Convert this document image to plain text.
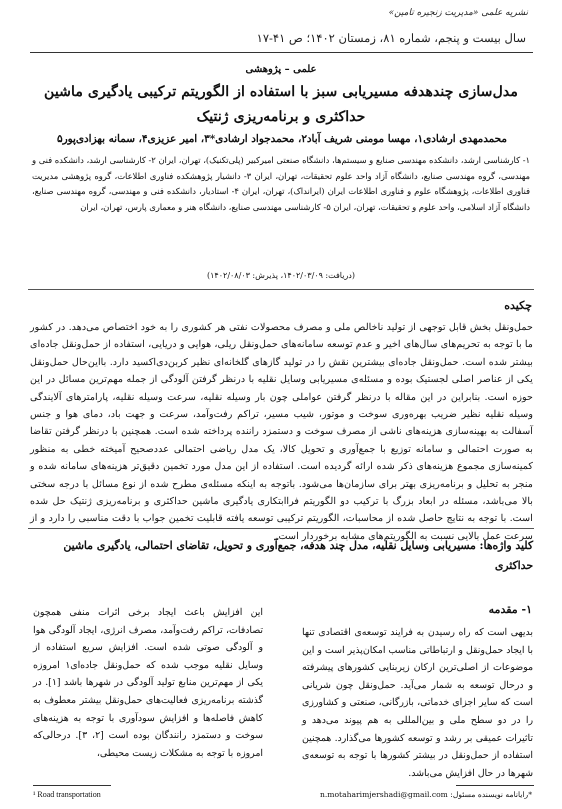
نشریه علمی «مدیریت زنجیره تامین»
سال بیست و پنجم، شماره ۸۱، زمستان ۱۴۰۲؛ ص ۴۱-۱۷
علمی – پژوهشی
مدل‌سازی چندهدفه مسیریابی سبز با استفاده از الگوریتم ترکیبی یادگیری ماشین حداکثری و برنامه‌ریزی ژنتیک
محمدمهدی ارشادی۱، مهسا مومنی شریف آباد۲، محمدجواد ارشادی*۳، امیر عزیزی۴، سمانه بهزادی‌پور۵
۱- کارشناسی ارشد، دانشکده مهندسی صنایع و سیستم‌ها، دانشگاه صنعتی امیرکبیر (پلی‌تکنیک)، تهران، ایران ۲- کارشناسی ارشد، دانشکده فنی و مهندسی، گروه مهندسی صنایع، دانشگاه آزاد واحد علوم تحقیقات، تهران، ایران ۳- دانشیار پژوهشکده فناوری اطلاعات، گروه پژوهشی مدیریت فناوری اطلاعات، پژوهشگاه علوم و فناوری اطلاعات ایران (ایرانداک)، تهران، ایران ۴- استادیار، دانشکده فنی و مهندسی، گروه مهندسی صنایع، دانشگاه آزاد اسلامی، واحد علوم و تحقیقات، تهران، ایران ۵- کارشناسی مهندسی صنایع، دانشگاه هنر و معماری پارس، تهران، ایران
(دریافت: ۱۴۰۲/۰۳/۰۹، پذیرش: ۱۴۰۲/۰۸/۰۳)
چکیده
حمل‌ونقل بخش قابل توجهی از تولید ناخالص ملی و مصرف محصولات نفتی هر کشوری را به خود اختصاص می‌دهد. در کشور ما با توجه به تحریم‌های سال‌های اخیر و عدم توسعه سامانه‌های حمل‌ونقل ریلی، هوایی و دریایی، استفاده از حمل‌ونقل جاده‌ای بیشتر شده است. حمل‌ونقل جاده‌ای بیشترین نقش را در تولید گازهای گلخانه‌ای نظیر کربن‌دی‌اکسید دارد. بااین‌حال حمل‌ونقل یکی از عناصر اصلی لجستیک بوده و مسئله‌ی مسیریابی وسایل نقلیه با درنظر گرفتن آلودگی از جمله مهم‌ترین مسائل در این حوزه است. بنابراین در این مقاله با درنظر گرفتن عواملی چون بار وسیله نقلیه، سرعت وسیله نقلیه، پارامترهای آلایندگی وسیله نقلیه نظیر ضریب بهره‌وری سوخت و موتور، شیب مسیر، تراکم رفت‌وآمد، سرعت و جهت باد، دمای هوا و جنس آسفالت به بهینه‌سازی هزینه‌های ناشی از مصرف سوخت و دستمزد راننده پرداخته شده است. همچنین با درنظر گرفتن تقاضا به صورت احتمالی و سامانه توزیع با جمع‌آوری و تحویل کالا، یک مدل ریاضی احتمالی عددصحیح آمیخته خطی به منظور کمینه‌سازی مجموع هزینه‌های ذکر شده ارائه گردیده است. استفاده از این مدل مورد تخمین دقیق‌تر هزینه‌های سامانه شده و منجر به تحلیل و برنامه‌ریزی بهتر برای سازمان‌ها می‌شود. باتوجه به اینکه مسئله‌ی مطرح شده از نوع مسائل با درجه سختی بالا می‌باشد، مسئله در ابعاد بزرگ با ترکیب دو الگوریتم فراابتکاری یادگیری ماشین حداکثری و برنامه‌ریزی ژنتیک حل شده است. با توجه به نتایج حاصل شده از محاسبات، الگوریتم ترکیبی توسعه یافته قابلیت تخمین جواب با دقت مناسبی را دارد و از سرعت عمل بالایی نسبت به الگوریتم‌های مشابه برخوردار است.
کلید واژه‌ها: مسیریابی وسایل نقلیه، مدل چند هدفه، جمع‌آوری و تحویل، تقاضای احتمالی، یادگیری ماشین حداکثری
۱- مقدمه
بدیهی است که راه رسیدن به فرایند توسعه‌ی اقتصادی تنها با ایجاد حمل‌ونقل و ارتباطاتی مناسب امکان‌پذیر است و این موضوعات از اصلی‌ترین ارکان زیربنایی کشورهای پیشرفته و درحال توسعه به شمار می‌آید. حمل‌ونقل چون شریانی است که سایر اجزای خدماتی، بازرگانی، صنعتی و کشاورزی را در دو سطح ملی و بین‌المللی به هم پیوند می‌دهد و تاثیرات عمیقی بر رشد و توسعه کشورها می‌گذارد. همچنین استفاده از حمل‌ونقل در بیشتر کشورها با توجه به توسعه‌ی شهرها در حال افزایش می‌باشد.
این افزایش باعث ایجاد برخی اثرات منفی همچون تصادفات، تراکم رفت‌وآمد، مصرف انرژی، ایجاد آلودگی هوا و آلودگی صوتی شده است. افزایش سریع استفاده از وسایل نقلیه موجب شده که حمل‌ونقل جاده‌ای۱ امروزه یکی از مهم‌ترین منابع تولید آلودگی در شهرها باشد [۱]. در گذشته برنامه‌ریزی فعالیت‌های حمل‌ونقل بیشتر معطوف به کاهش فاصله‌ها و افزایش سودآوری با توجه به هزینه‌های سوخت و دستمزد رانندگان بوده است [۲، ۳]. درحالی‌که امروزه با توجه به مشکلات زیست محیطی،
¹ Road transportation	*رایانامه نویسنده مسئول: n.motaharimjershadi@gmail.com
